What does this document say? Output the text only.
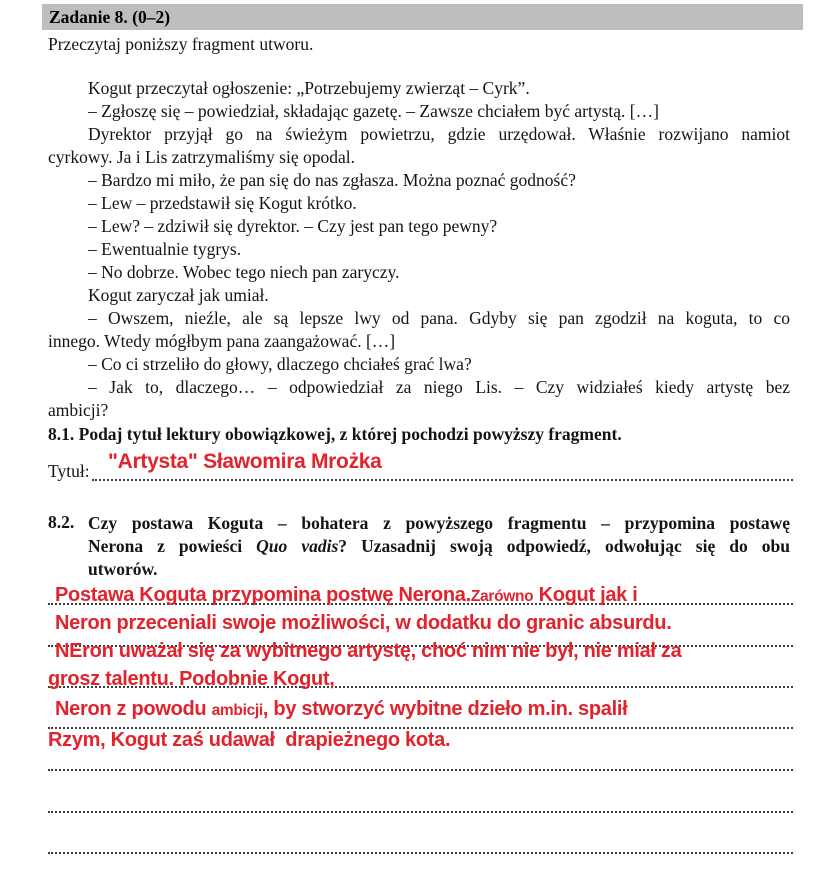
Zadanie 8. (0–2)
Przeczytaj poniższy fragment utworu.
Kogut przeczytał ogłoszenie: „Potrzebujemy zwierząt – Cyrk”.
– Zgłoszę się – powiedział, składając gazetę. – Zawsze chciałem być artystą. […]
Dyrektor przyjął go na świeżym powietrzu, gdzie urzędował. Właśnie rozwijano namiot
cyrkowy. Ja i Lis zatrzymaliśmy się opodal.
– Bardzo mi miło, że pan się do nas zgłasza. Można poznać godność?
– Lew – przedstawił się Kogut krótko.
– Lew? – zdziwił się dyrektor. – Czy jest pan tego pewny?
– Ewentualnie tygrys.
– No dobrze. Wobec tego niech pan zaryczy.
Kogut zaryczał jak umiał.
– Owszem, nieźle, ale są lepsze lwy od pana. Gdyby się pan zgodził na koguta, to co
innego. Wtedy mógłbym pana zaangażować. […]
– Co ci strzeliło do głowy, dlaczego chciałeś grać lwa?
– Jak to, dlaczego… – odpowiedział za niego Lis. – Czy widziałeś kiedy artystę bez
ambicji?
8.1. Podaj tytuł lektury obowiązkowej, z której pochodzi powyższy fragment.
Tytuł: "Artysta" Sławomira Mrożka
8.2. Czy postawa Koguta – bohatera z powyższego fragmentu – przypomina postawę
Nerona z powieści Quo vadis? Uzasadnij swoją odpowiedź, odwołując się do obu
utworów.
Postawa Koguta przypomina postwę Nerona.Zarówno Kogut jak i
Neron przeceniali swoje możliwości, w dodatku do granic absurdu.
NEron uważał się za wybitnego artystę, choć nim nie był, nie miał za
grosz talentu. Podobnie Kogut,
Neron z powodu ambicji, by stworzyć wybitne dzieło m.in. spalił
Rzym, Kogut zaś udawał  drapieżnego kota.
